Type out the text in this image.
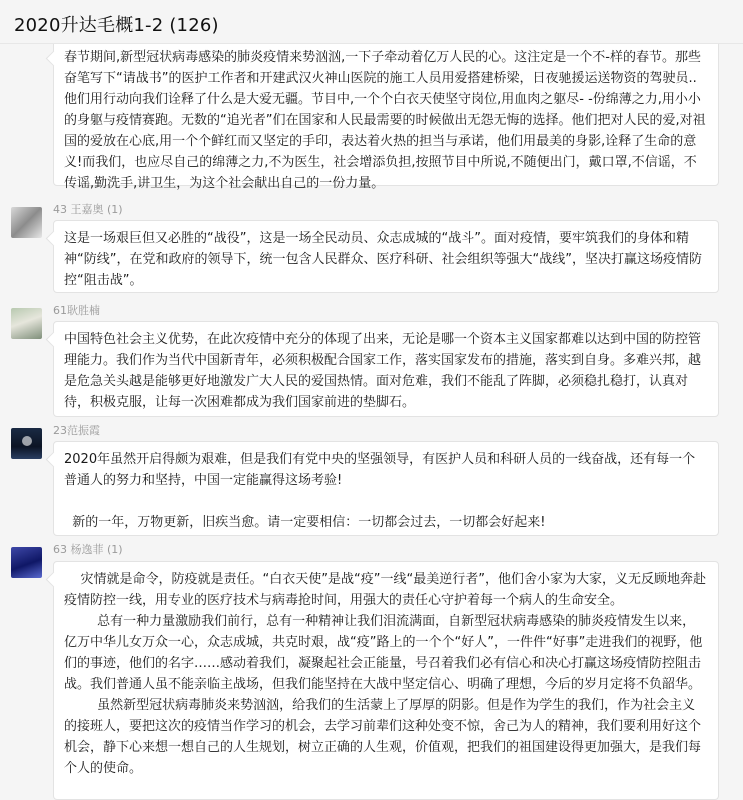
2020升达毛概1-2 (126)

春节期间,新型冠状病毒感染的肺炎疫情来势汹汹,一下子牵动着亿万人民的心。这注定是一个不-样的春节。那些奋笔写下“请战书”的医护工作者和开建武汉火神山医院的施工人员用爱搭建桥梁，日夜驰援运送物资的驾驶员..他们用行动向我们诠释了什么是大爱无疆。节目中,一个个白衣天使坚守岗位,用血肉之躯尽- -份绵薄之力,用小小的身躯与疫情赛跑。无数的“追光者”们在国家和人民最需要的时候做出无怨无悔的选择。他们把对人民的爱,对祖国的爱放在心底,用一个个鲜红而又坚定的手印，表达着火热的担当与承诺，他们用最美的身影,诠释了生命的意义!而我们，也应尽自己的绵薄之力,不为医生，社会增添负担,按照节目中所说,不随便出门，戴口罩,不信谣，不传谣,勤洗手,讲卫生，为这个社会献出自己的一份力量。

43 王嘉奥 (1)

这是一场艰巨但又必胜的“战役”，这是一场全民动员、众志成城的“战斗”。面对疫情，要牢筑我们的身体和精神“防线”，在党和政府的领导下，统一包含人民群众、医疗科研、社会组织等强大“战线”，坚决打赢这场疫情防控“阻击战”。

61耿胜楠

中国特色社会主义优势，在此次疫情中充分的体现了出来，无论是哪一个资本主义国家都难以达到中国的防控管理能力。我们作为当代中国新青年，必须积极配合国家工作，落实国家发布的措施，落实到自身。多难兴邦，越是危急关头越是能够更好地激发广大人民的爱国热情。面对危难，我们不能乱了阵脚，必须稳扎稳打，认真对待，积极克服，让每一次困难都成为我们国家前进的垫脚石。

23范振霞

2020年虽然开启得颇为艰难，但是我们有党中央的坚强领导，有医护人员和科研人员的一线奋战，还有每一个普通人的努力和坚持，中国一定能赢得这场考验!

新的一年，万物更新，旧疾当愈。请一定要相信：一切都会过去，一切都会好起来!

63 杨逸菲 (1)

灾情就是命令，防疫就是责任。“白衣天使”是战“疫”一线“最美逆行者”，他们舍小家为大家，义无反顾地奔赴疫情防控一线，用专业的医疗技术与病毒抢时间，用强大的责任心守护着每一个病人的生命安全。

总有一种力量激励我们前行，总有一种精神让我们泪流满面，自新型冠状病毒感染的肺炎疫情发生以来，亿万中华儿女万众一心，众志成城，共克时艰，战“疫”路上的一个个“好人”，一件件“好事”走进我们的视野，他们的事迹，他们的名字……感动着我们，凝聚起社会正能量，号召着我们必有信心和决心打赢这场疫情防控阻击战。我们普通人虽不能亲临主战场，但我们能坚持在大战中坚定信心、明确了理想，今后的岁月定将不负韶华。

虽然新型冠状病毒肺炎来势汹汹，给我们的生活蒙上了厚厚的阴影。但是作为学生的我们，作为社会主义的接班人，要把这次的疫情当作学习的机会，去学习前辈们这种处变不惊，舍己为人的精神，我们要利用好这个机会，静下心来想一想自己的人生规划，树立正确的人生观，价值观，把我们的祖国建设得更加强大，是我们每个人的使命。
